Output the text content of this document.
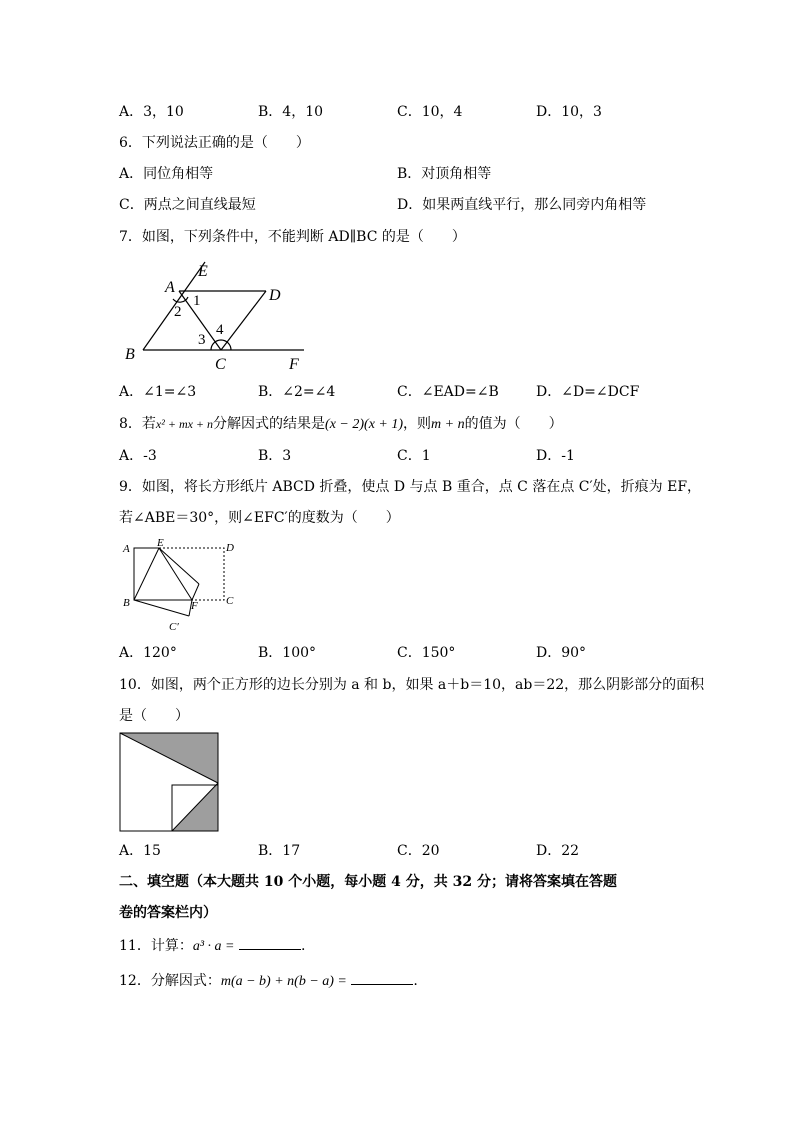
A．3，10	B．4，10	C．10，4	D．10，3
6．下列说法正确的是（　　）
A．同位角相等	B．对顶角相等
C．两点之间直线最短	D．如果两直线平行，那么同旁内角相等
7．如图，下列条件中，不能判断 AD∥BC 的是（　　）
E
A	D
B
C	F
1
2
3
4
A．∠1=∠3	B．∠2=∠4	C．∠EAD=∠B	D．∠D=∠DCF
8．若x² + mx + n分解因式的结果是(x − 2)(x + 1)，则m + n的值为（　　）
A．-3	B．3	C．1	D．-1
9．如图，将长方形纸片 ABCD 折叠，使点 D 与点 B 重合，点 C 落在点 C′处，折痕为 EF，
若∠ABE＝30°，则∠EFC′的度数为（　　）
A E	D
B	F	C
C′
A．120°	B．100°	C．150°	D．90°
10．如图，两个正方形的边长分别为 a 和 b，如果 a＋b＝10，ab＝22，那么阴影部分的面积
是（　　）
A．15	B．17	C．20	D．22
二、填空题（本大题共 10 个小题，每小题 4 分，共 32 分；请将答案填在答题
卷的答案栏内）
11．计算：a³ · a =	.
12．分解因式：m(a − b) + n(b − a) =	.
